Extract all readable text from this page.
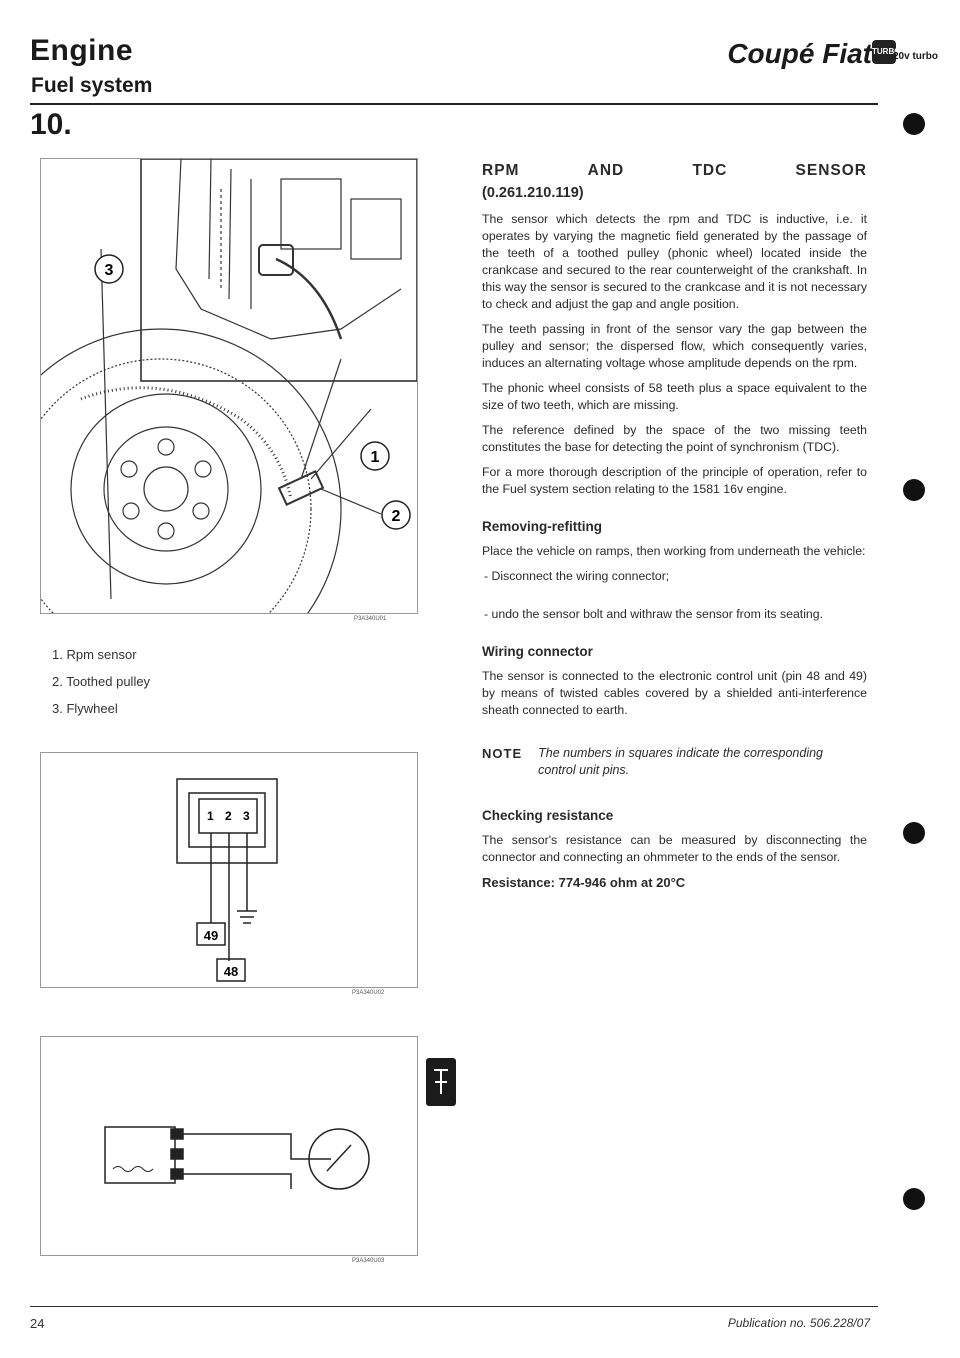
Engine
Fuel system
Coupé Fiat TURBO
20v turbo
10.
3
1
2
P3A340U01
1. Rpm sensor
2. Toothed pulley
3. Flywheel
1 2 3
49
48
P3A340U02
P3A340U03
RPM	AND	TDC	SENSOR
(0.261.210.119)

The sensor which detects the rpm and TDC is inductive, i.e. it operates by varying the magnetic field generated by the passage of the teeth of a toothed pulley (phonic wheel) located inside the crankcase and secured to the rear counterweight of the crankshaft. In this way the sensor is secured to the crankcase and it is not necessary to check and adjust the gap and angle position.

The teeth passing in front of the sensor vary the gap between the pulley and sensor; the dispersed flow, which consequently varies, induces an alternating voltage whose amplitude depends on the rpm.

The phonic wheel consists of 58 teeth plus a space equivalent to the size of two teeth, which are missing.

The reference defined by the space of the two missing teeth constitutes the base for detecting the point of synchronism (TDC).

For a more thorough description of the principle of operation, refer to the Fuel system section relating to the 1581 16v engine.

Removing-refitting

Place the vehicle on ramps, then working from underneath the vehicle:

- Disconnect the wiring connector;

- undo the sensor bolt and withraw the sensor from its seating.

Wiring connector

The sensor is connected to the electronic control unit (pin 48 and 49) by means of twisted cables covered by a shielded anti-interference sheath connected to earth.

NOTE The numbers in squares indicate the corresponding control unit pins.
Checking resistance

The sensor's resistance can be measured by disconnecting the connector and connecting an ohmmeter to the ends of the sensor.

Resistance: 774-946 ohm at 20°C
24	Publication no. 506.228/07
